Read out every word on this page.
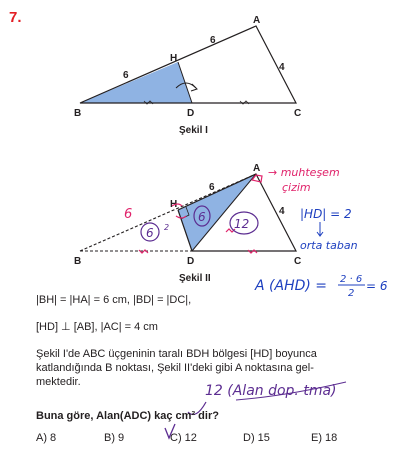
7.	A
B	C
D
H
6
6
4
Şekil I
A
B	C
D
H
6
4
Şekil II
→ muhteşem
çizim
6
6 2
6 12
|HD| = 2
orta taban
A (AHD) = 2 · 6
2
= 6
12 (Alan dop. tma)
|BH| = |HA| = 6 cm, |BD| = |DC|,
[HD] ⊥ [AB], |AC| = 4 cm
Şekil I'de ABC üçgeninin taralı BDH bölgesi [HD] boyunca
katlandığında B noktası, Şekil II'deki gibi A noktasına gel-
mektedir.
Buna göre, Alan(ADC) kaç cm² dir?
A) 8	B) 9	C) 12	D) 15	E) 18
